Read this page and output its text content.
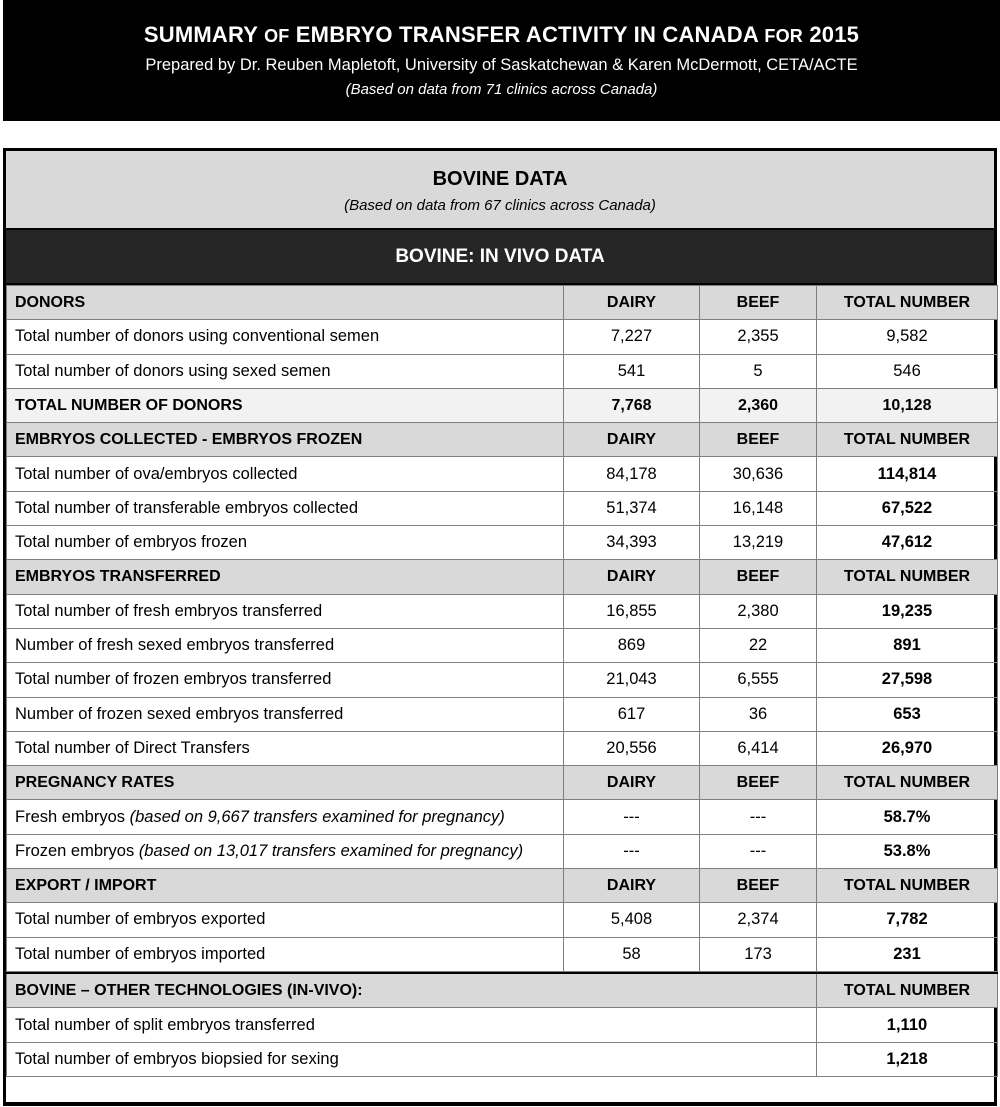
SUMMARY OF EMBRYO TRANSFER ACTIVITY IN CANADA FOR 2015
Prepared by Dr. Reuben Mapletoft, University of Saskatchewan & Karen McDermott, CETA/ACTE
(Based on data from 71 clinics across Canada)
BOVINE DATA
(Based on data from 67 clinics across Canada)
BOVINE: IN VIVO DATA
DONORS	DAIRY	BEEF	TOTAL NUMBER
Total number of donors using conventional semen	7,227	2,355	9,582
Total number of donors using sexed semen	541	5	546
TOTAL NUMBER OF DONORS	7,768	2,360	10,128
EMBRYOS COLLECTED - EMBRYOS FROZEN	DAIRY	BEEF	TOTAL NUMBER
Total number of ova/embryos collected	84,178	30,636	114,814
Total number of transferable embryos collected	51,374	16,148	67,522
Total number of embryos frozen	34,393	13,219	47,612
EMBRYOS TRANSFERRED	DAIRY	BEEF	TOTAL NUMBER
Total number of fresh embryos transferred	16,855	2,380	19,235
Number of fresh sexed embryos transferred	869	22	891
Total number of frozen embryos transferred	21,043	6,555	27,598
Number of frozen sexed embryos transferred	617	36	653
Total number of Direct Transfers	20,556	6,414	26,970
PREGNANCY RATES	DAIRY	BEEF	TOTAL NUMBER
Fresh embryos (based on 9,667 transfers examined for pregnancy)	---	---	58.7%
Frozen embryos (based on 13,017 transfers examined for pregnancy)	---	---	53.8%
EXPORT / IMPORT	DAIRY	BEEF	TOTAL NUMBER
Total number of embryos exported	5,408	2,374	7,782
Total number of embryos imported	58	173	231
BOVINE – OTHER TECHNOLOGIES (IN-VIVO):	TOTAL NUMBER
Total number of split embryos transferred	1,110
Total number of embryos biopsied for sexing	1,218
